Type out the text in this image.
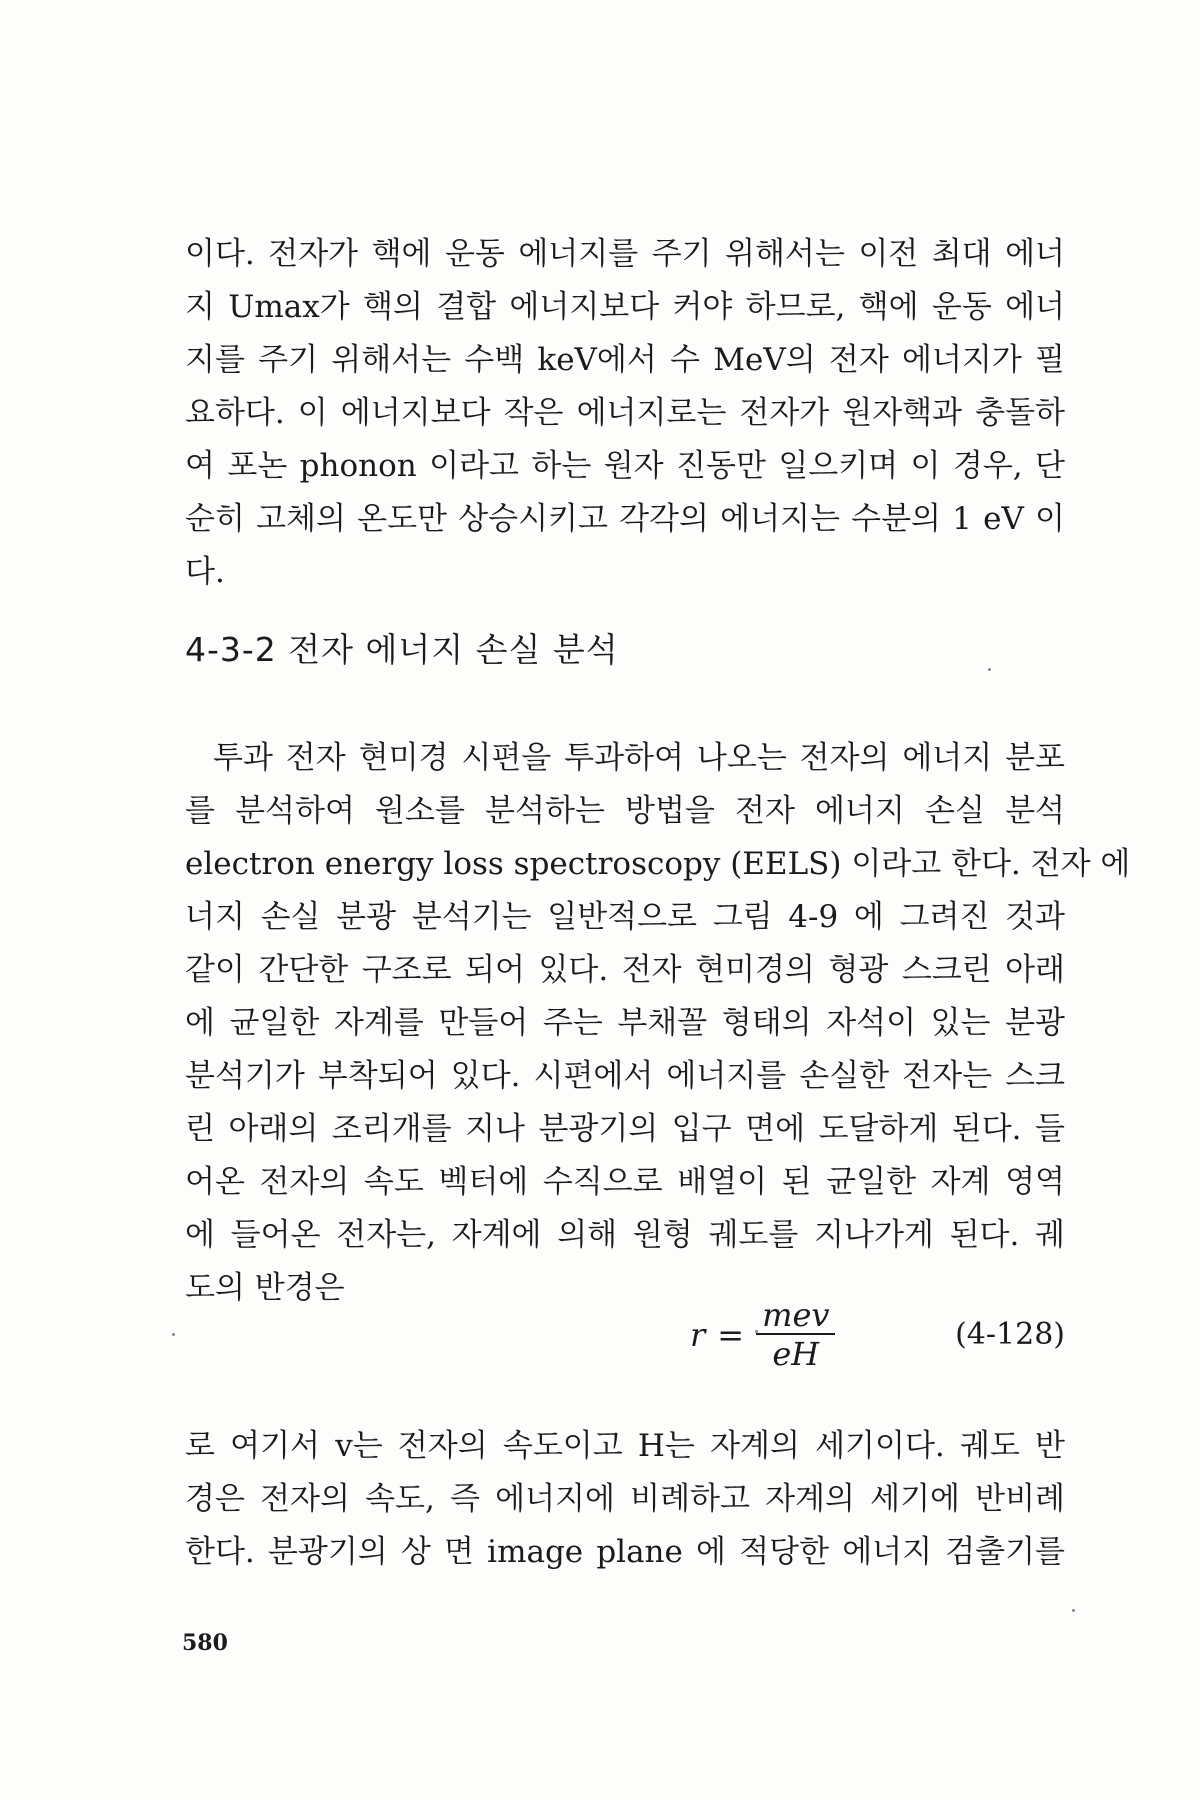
이다. 전자가 핵에 운동 에너지를 주기 위해서는 이전 최대 에너
지 Umax가 핵의 결합 에너지보다 커야 하므로, 핵에 운동 에너
지를 주기 위해서는 수백 keV에서 수 MeV의 전자 에너지가 필
요하다. 이 에너지보다 작은 에너지로는 전자가 원자핵과 충돌하
여 포논 phonon 이라고 하는 원자 진동만 일으키며 이 경우, 단
순히 고체의 온도만 상승시키고 각각의 에너지는 수분의 1 eV 이
다.
4-3-2 전자 에너지 손실 분석
투과 전자 현미경 시편을 투과하여 나오는 전자의 에너지 분포
를 분석하여 원소를 분석하는 방법을 전자 에너지 손실 분석
electron energy loss spectroscopy (EELS) 이라고 한다. 전자 에
너지 손실 분광 분석기는 일반적으로 그림 4-9 에 그려진 것과
같이 간단한 구조로 되어 있다. 전자 현미경의 형광 스크린 아래
에 균일한 자계를 만들어 주는 부채꼴 형태의 자석이 있는 분광
분석기가 부착되어 있다. 시편에서 에너지를 손실한 전자는 스크
린 아래의 조리개를 지나 분광기의 입구 면에 도달하게 된다. 들
어온 전자의 속도 벡터에 수직으로 배열이 된 균일한 자계 영역
에 들어온 전자는, 자계에 의해 원형 궤도를 지나가게 된다. 궤
도의 반경은
$r = \frac{\text{mev}}{eH}$	(4-128)
로 여기서 v는 전자의 속도이고 H는 자계의 세기이다. 궤도 반
경은 전자의 속도, 즉 에너지에 비례하고 자계의 세기에 반비례
한다. 분광기의 상 면 image plane 에 적당한 에너지 검출기를
580
